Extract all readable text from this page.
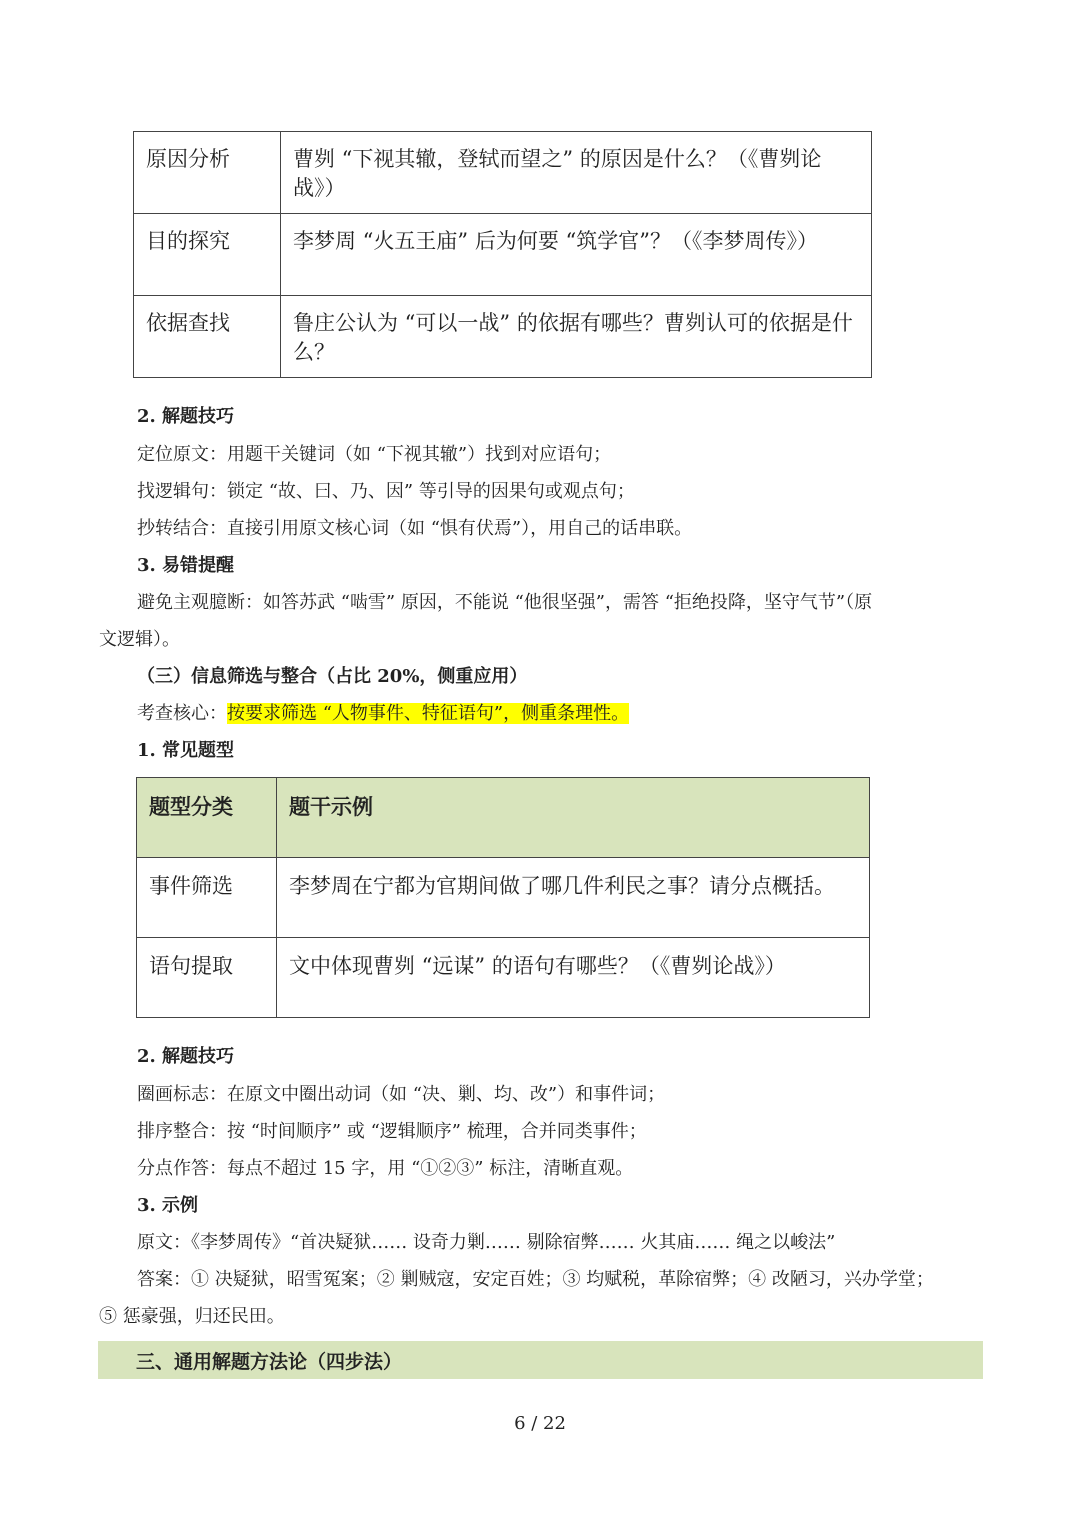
原因分析	曹刿 “下视其辙，登轼而望之” 的原因是什么？（《曹刿论战》）
目的探究	李梦周 “火五王庙” 后为何要 “筑学官”？（《李梦周传》）
依据查找	鲁庄公认为 “可以一战” 的依据有哪些？曹刿认可的依据是什么？
2. 解题技巧
定位原文：用题干关键词（如 “下视其辙”）找到对应语句；
找逻辑句：锁定 “故、曰、乃、因” 等引导的因果句或观点句；
抄转结合：直接引用原文核心词（如 “惧有伏焉”），用自己的话串联。
3. 易错提醒
避免主观臆断：如答苏武 “啮雪” 原因，不能说 “他很坚强”，需答 “拒绝投降，坚守气节”（原
文逻辑）。
（三）信息筛选与整合（占比 20%，侧重应用）
考查核心：按要求筛选 “人物事件、特征语句”，侧重条理性。
1. 常见题型
题型分类	题干示例
事件筛选	李梦周在宁都为官期间做了哪几件利民之事？请分点概括。
语句提取	文中体现曹刿 “远谋” 的语句有哪些？（《曹刿论战》）
2. 解题技巧
圈画标志：在原文中圈出动词（如 “决、剿、均、改”）和事件词；
排序整合：按 “时间顺序” 或 “逻辑顺序” 梳理，合并同类事件；
分点作答：每点不超过 15 字，用 “①②③” 标注，清晰直观。
3. 示例
原文：《李梦周传》“首决疑狱…… 设奇力剿…… 剔除宿弊…… 火其庙…… 绳之以峻法”
答案：① 决疑狱，昭雪冤案；② 剿贼寇，安定百姓；③ 均赋税，革除宿弊；④ 改陋习，兴办学堂；
⑤ 惩豪强，归还民田。
三、通用解题方法论（四步法）
6 / 22
